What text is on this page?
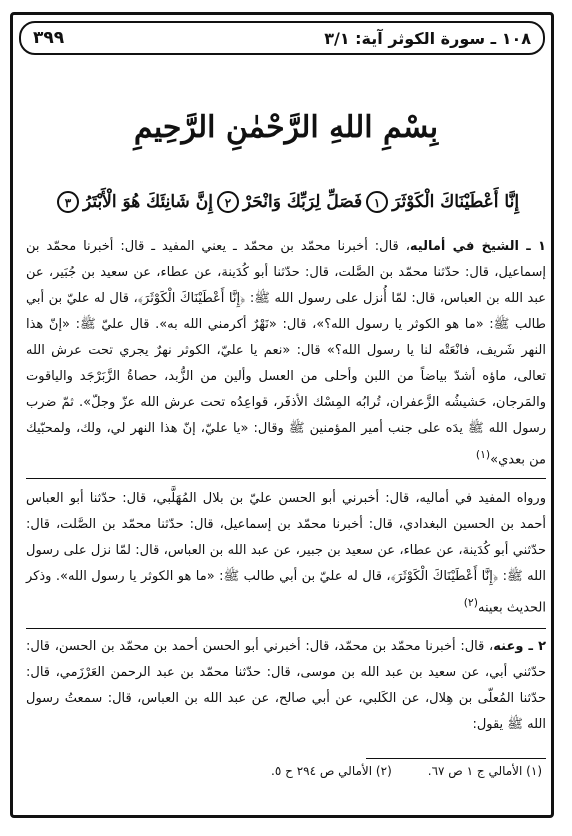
١٠٨ ـ سورة الكوثر آية: ٣/١
٣٩٩
بِسْمِ اللهِ الرَّحْمٰنِ الرَّحِيمِ
إِنَّا أَعْطَيْنَاكَ الْكَوْثَرَ
١
فَصَلِّ لِرَبِّكَ وَانْحَرْ
٢
إِنَّ شَانِئَكَ هُوَ الْأَبْتَرُ
٣

١ ـ الشيخ في أماليه، قال: أخبرنا محمّد بن محمّد ـ يعني المفيد ـ قال: أخبرنا محمّد بن إسماعيل، قال: حدّثنا محمّد بن الصَّلت، قال: حدّثنا أبو كُدَينة، عن عطاء، عن سعيد بن جُبَير، عن عبد الله بن العباس، قال: لمّا أُنزل على رسول الله ﷺ: ﴿إِنَّا أَعْطَيْنَاكَ الْكَوْثَرَ﴾، قال له عليّ بن أبي طالب ﷺ: «ما هو الكوثر يا رسول الله؟»، قال: «نَهْرٌ أكرمني الله به». قال عليّ ﷺ: «إنّ هذا النهر شَريف، فانْعَتْه لنا يا رسول الله؟» قال: «نعم يا عليّ، الكوثر نهرٌ يجري تحت عرش الله تعالى، ماؤه أشدّ بياضاً من اللبن وأحلى من العسل وألين من الزُّبد، حصاةُ الزَّبَرْجَد والياقوت والمَرجان، حَشيشُه الزَّعفران، تُرابُه المِسْك الأذفَر، قواعِدُه تحت عرش الله عزّ وجلّ». ثمّ ضرب رسول الله ﷺ يدَه على جنب أمير المؤمنين ﷺ وقال: «يا عليّ، إنّ هذا النهر لي، ولك، ولمحبّيك من بعدي»$^{(١)}$

ورواه المفيد في أماليه، قال: أخبرني أبو الحسن عليّ بن بلال المُهَلَّبي، قال: حدّثنا أبو العباس أحمد بن الحسين البغدادي، قال: أخبرنا محمّد بن إسماعيل، قال: حدّثنا محمّد بن الصَّلت، قال: حدّثني أبو كُدَينة، عن عطاء، عن سعيد بن جبير، عن عبد الله بن العباس، قال: لمّا نزل على رسول الله ﷺ: ﴿إِنَّا أَعْطَيْنَاكَ الْكَوْثَرَ﴾، قال له عليّ بن أبي طالب ﷺ: «ما هو الكوثر يا رسول الله». وذكر الحديث بعينه$^{(٢)}$

٢ ـ وعنه، قال: أخبرنا محمّد بن محمّد، قال: أخبرني أبو الحسن أحمد بن محمّد بن الحسن، قال: حدّثني أبي، عن سعيد بن عبد الله بن موسى، قال: حدّثنا محمّد بن عبد الرحمن العَرْزَمي، قال: حدّثنا المُعلّى بن هِلال، عن الكَلبي، عن أبي صالح، عن عبد الله بن العباس، قال: سمعتُ رسول الله ﷺ يقول:

(١) الأمالي ج ١ ص ٦٧.
(٢) الأمالي ص ٢٩٤ ح ٥.
